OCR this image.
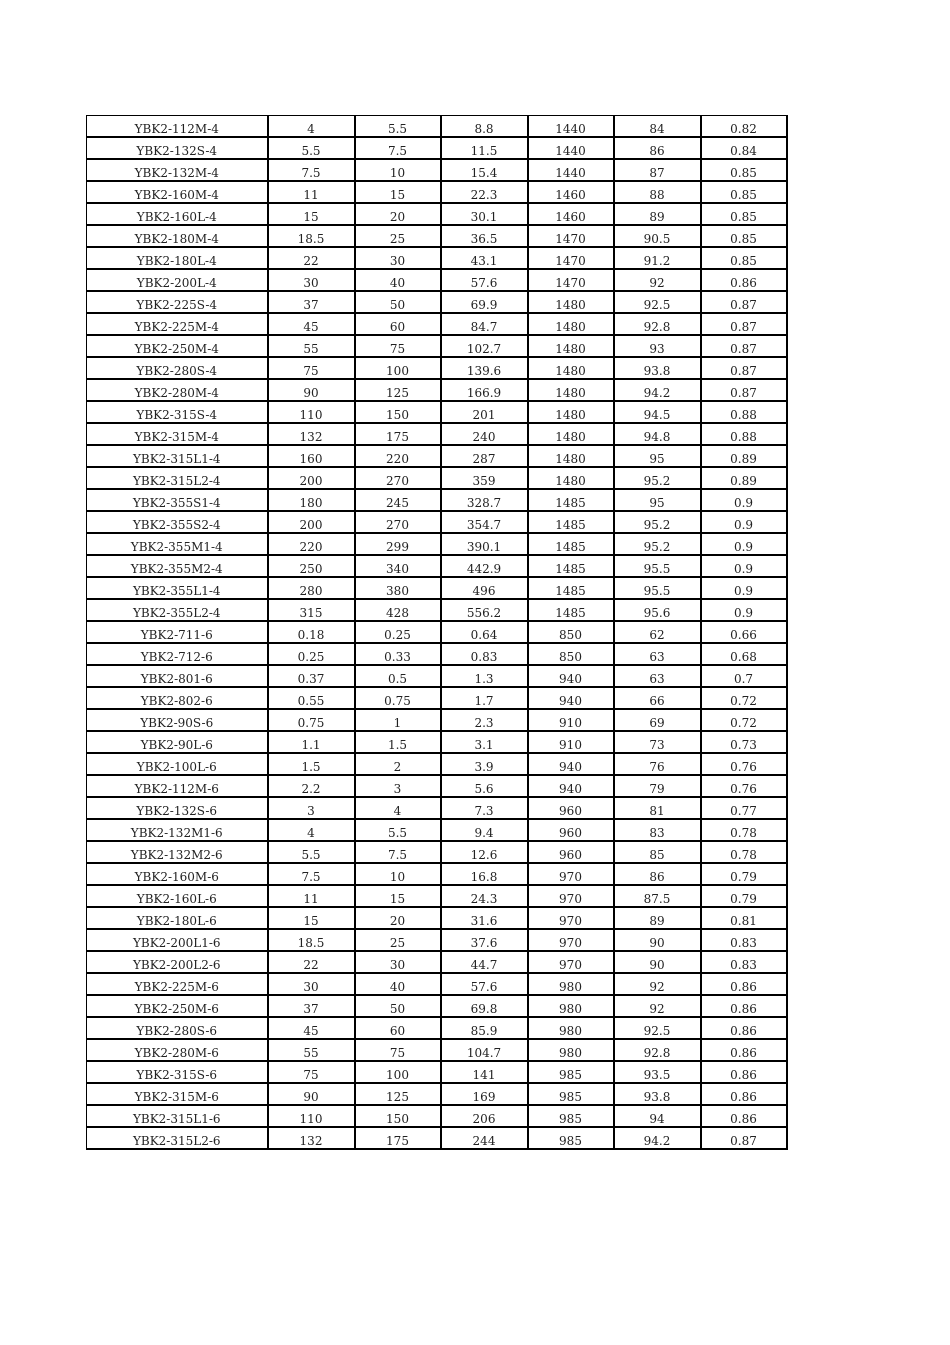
YBK2-112M-4	4	5.5	8.8	1440	84	0.82
YBK2-132S-4	5.5	7.5	11.5	1440	86	0.84
YBK2-132M-4	7.5	10	15.4	1440	87	0.85
YBK2-160M-4	11	15	22.3	1460	88	0.85
YBK2-160L-4	15	20	30.1	1460	89	0.85
YBK2-180M-4	18.5	25	36.5	1470	90.5	0.85
YBK2-180L-4	22	30	43.1	1470	91.2	0.85
YBK2-200L-4	30	40	57.6	1470	92	0.86
YBK2-225S-4	37	50	69.9	1480	92.5	0.87
YBK2-225M-4	45	60	84.7	1480	92.8	0.87
YBK2-250M-4	55	75	102.7	1480	93	0.87
YBK2-280S-4	75	100	139.6	1480	93.8	0.87
YBK2-280M-4	90	125	166.9	1480	94.2	0.87
YBK2-315S-4	110	150	201	1480	94.5	0.88
YBK2-315M-4	132	175	240	1480	94.8	0.88
YBK2-315L1-4	160	220	287	1480	95	0.89
YBK2-315L2-4	200	270	359	1480	95.2	0.89
YBK2-355S1-4	180	245	328.7	1485	95	0.9
YBK2-355S2-4	200	270	354.7	1485	95.2	0.9
YBK2-355M1-4	220	299	390.1	1485	95.2	0.9
YBK2-355M2-4	250	340	442.9	1485	95.5	0.9
YBK2-355L1-4	280	380	496	1485	95.5	0.9
YBK2-355L2-4	315	428	556.2	1485	95.6	0.9
YBK2-711-6	0.18	0.25	0.64	850	62	0.66
YBK2-712-6	0.25	0.33	0.83	850	63	0.68
YBK2-801-6	0.37	0.5	1.3	940	63	0.7
YBK2-802-6	0.55	0.75	1.7	940	66	0.72
YBK2-90S-6	0.75	1	2.3	910	69	0.72
YBK2-90L-6	1.1	1.5	3.1	910	73	0.73
YBK2-100L-6	1.5	2	3.9	940	76	0.76
YBK2-112M-6	2.2	3	5.6	940	79	0.76
YBK2-132S-6	3	4	7.3	960	81	0.77
YBK2-132M1-6	4	5.5	9.4	960	83	0.78
YBK2-132M2-6	5.5	7.5	12.6	960	85	0.78
YBK2-160M-6	7.5	10	16.8	970	86	0.79
YBK2-160L-6	11	15	24.3	970	87.5	0.79
YBK2-180L-6	15	20	31.6	970	89	0.81
YBK2-200L1-6	18.5	25	37.6	970	90	0.83
YBK2-200L2-6	22	30	44.7	970	90	0.83
YBK2-225M-6	30	40	57.6	980	92	0.86
YBK2-250M-6	37	50	69.8	980	92	0.86
YBK2-280S-6	45	60	85.9	980	92.5	0.86
YBK2-280M-6	55	75	104.7	980	92.8	0.86
YBK2-315S-6	75	100	141	985	93.5	0.86
YBK2-315M-6	90	125	169	985	93.8	0.86
YBK2-315L1-6	110	150	206	985	94	0.86
YBK2-315L2-6	132	175	244	985	94.2	0.87
